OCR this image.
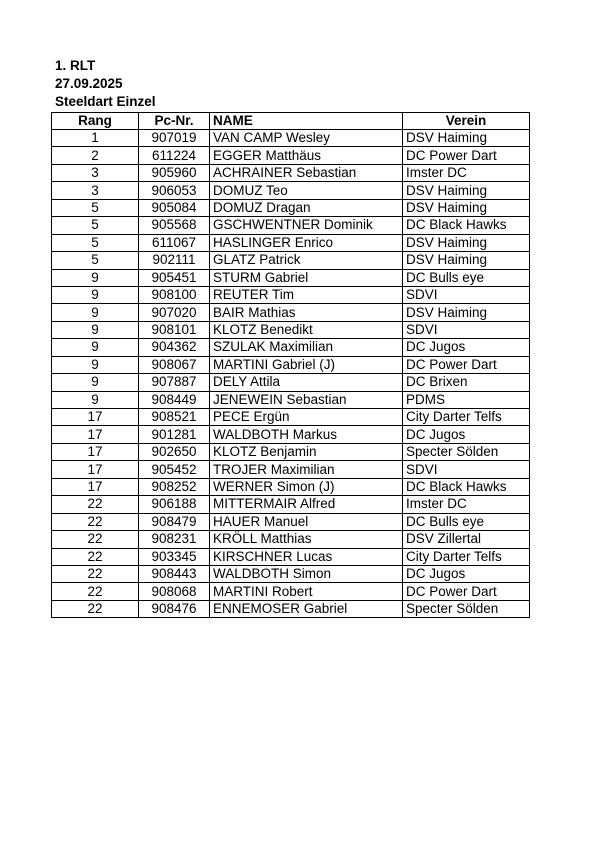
1. RLT
27.09.2025
Steeldart Einzel
Rang	Pc-Nr.	NAME	Verein
1	907019	VAN CAMP Wesley	DSV Haiming
2	611224	EGGER Matthäus	DC Power Dart
3	905960	ACHRAINER Sebastian	Imster DC
3	906053	DOMUZ Teo	DSV Haiming
5	905084	DOMUZ Dragan	DSV Haiming
5	905568	GSCHWENTNER Dominik	DC Black Hawks
5	611067	HASLINGER Enrico	DSV Haiming
5	902111	GLATZ Patrick	DSV Haiming
9	905451	STURM Gabriel	DC Bulls eye
9	908100	REUTER Tim	SDVI
9	907020	BAIR Mathias	DSV Haiming
9	908101	KLOTZ Benedikt	SDVI
9	904362	SZULAK Maximilian	DC Jugos
9	908067	MARTINI Gabriel (J)	DC Power Dart
9	907887	DELY Attila	DC Brixen
9	908449	JENEWEIN Sebastian	PDMS
17	908521	PECE Ergün	City Darter Telfs
17	901281	WALDBOTH Markus	DC Jugos
17	902650	KLOTZ Benjamin	Specter Sölden
17	905452	TROJER Maximilian	SDVI
17	908252	WERNER Simon (J)	DC Black Hawks
22	906188	MITTERMAIR Alfred	Imster DC
22	908479	HAUER Manuel	DC Bulls eye
22	908231	KRÖLL Matthias	DSV Zillertal
22	903345	KIRSCHNER Lucas	City Darter Telfs
22	908443	WALDBOTH Simon	DC Jugos
22	908068	MARTINI Robert	DC Power Dart
22	908476	ENNEMOSER Gabriel	Specter Sölden
